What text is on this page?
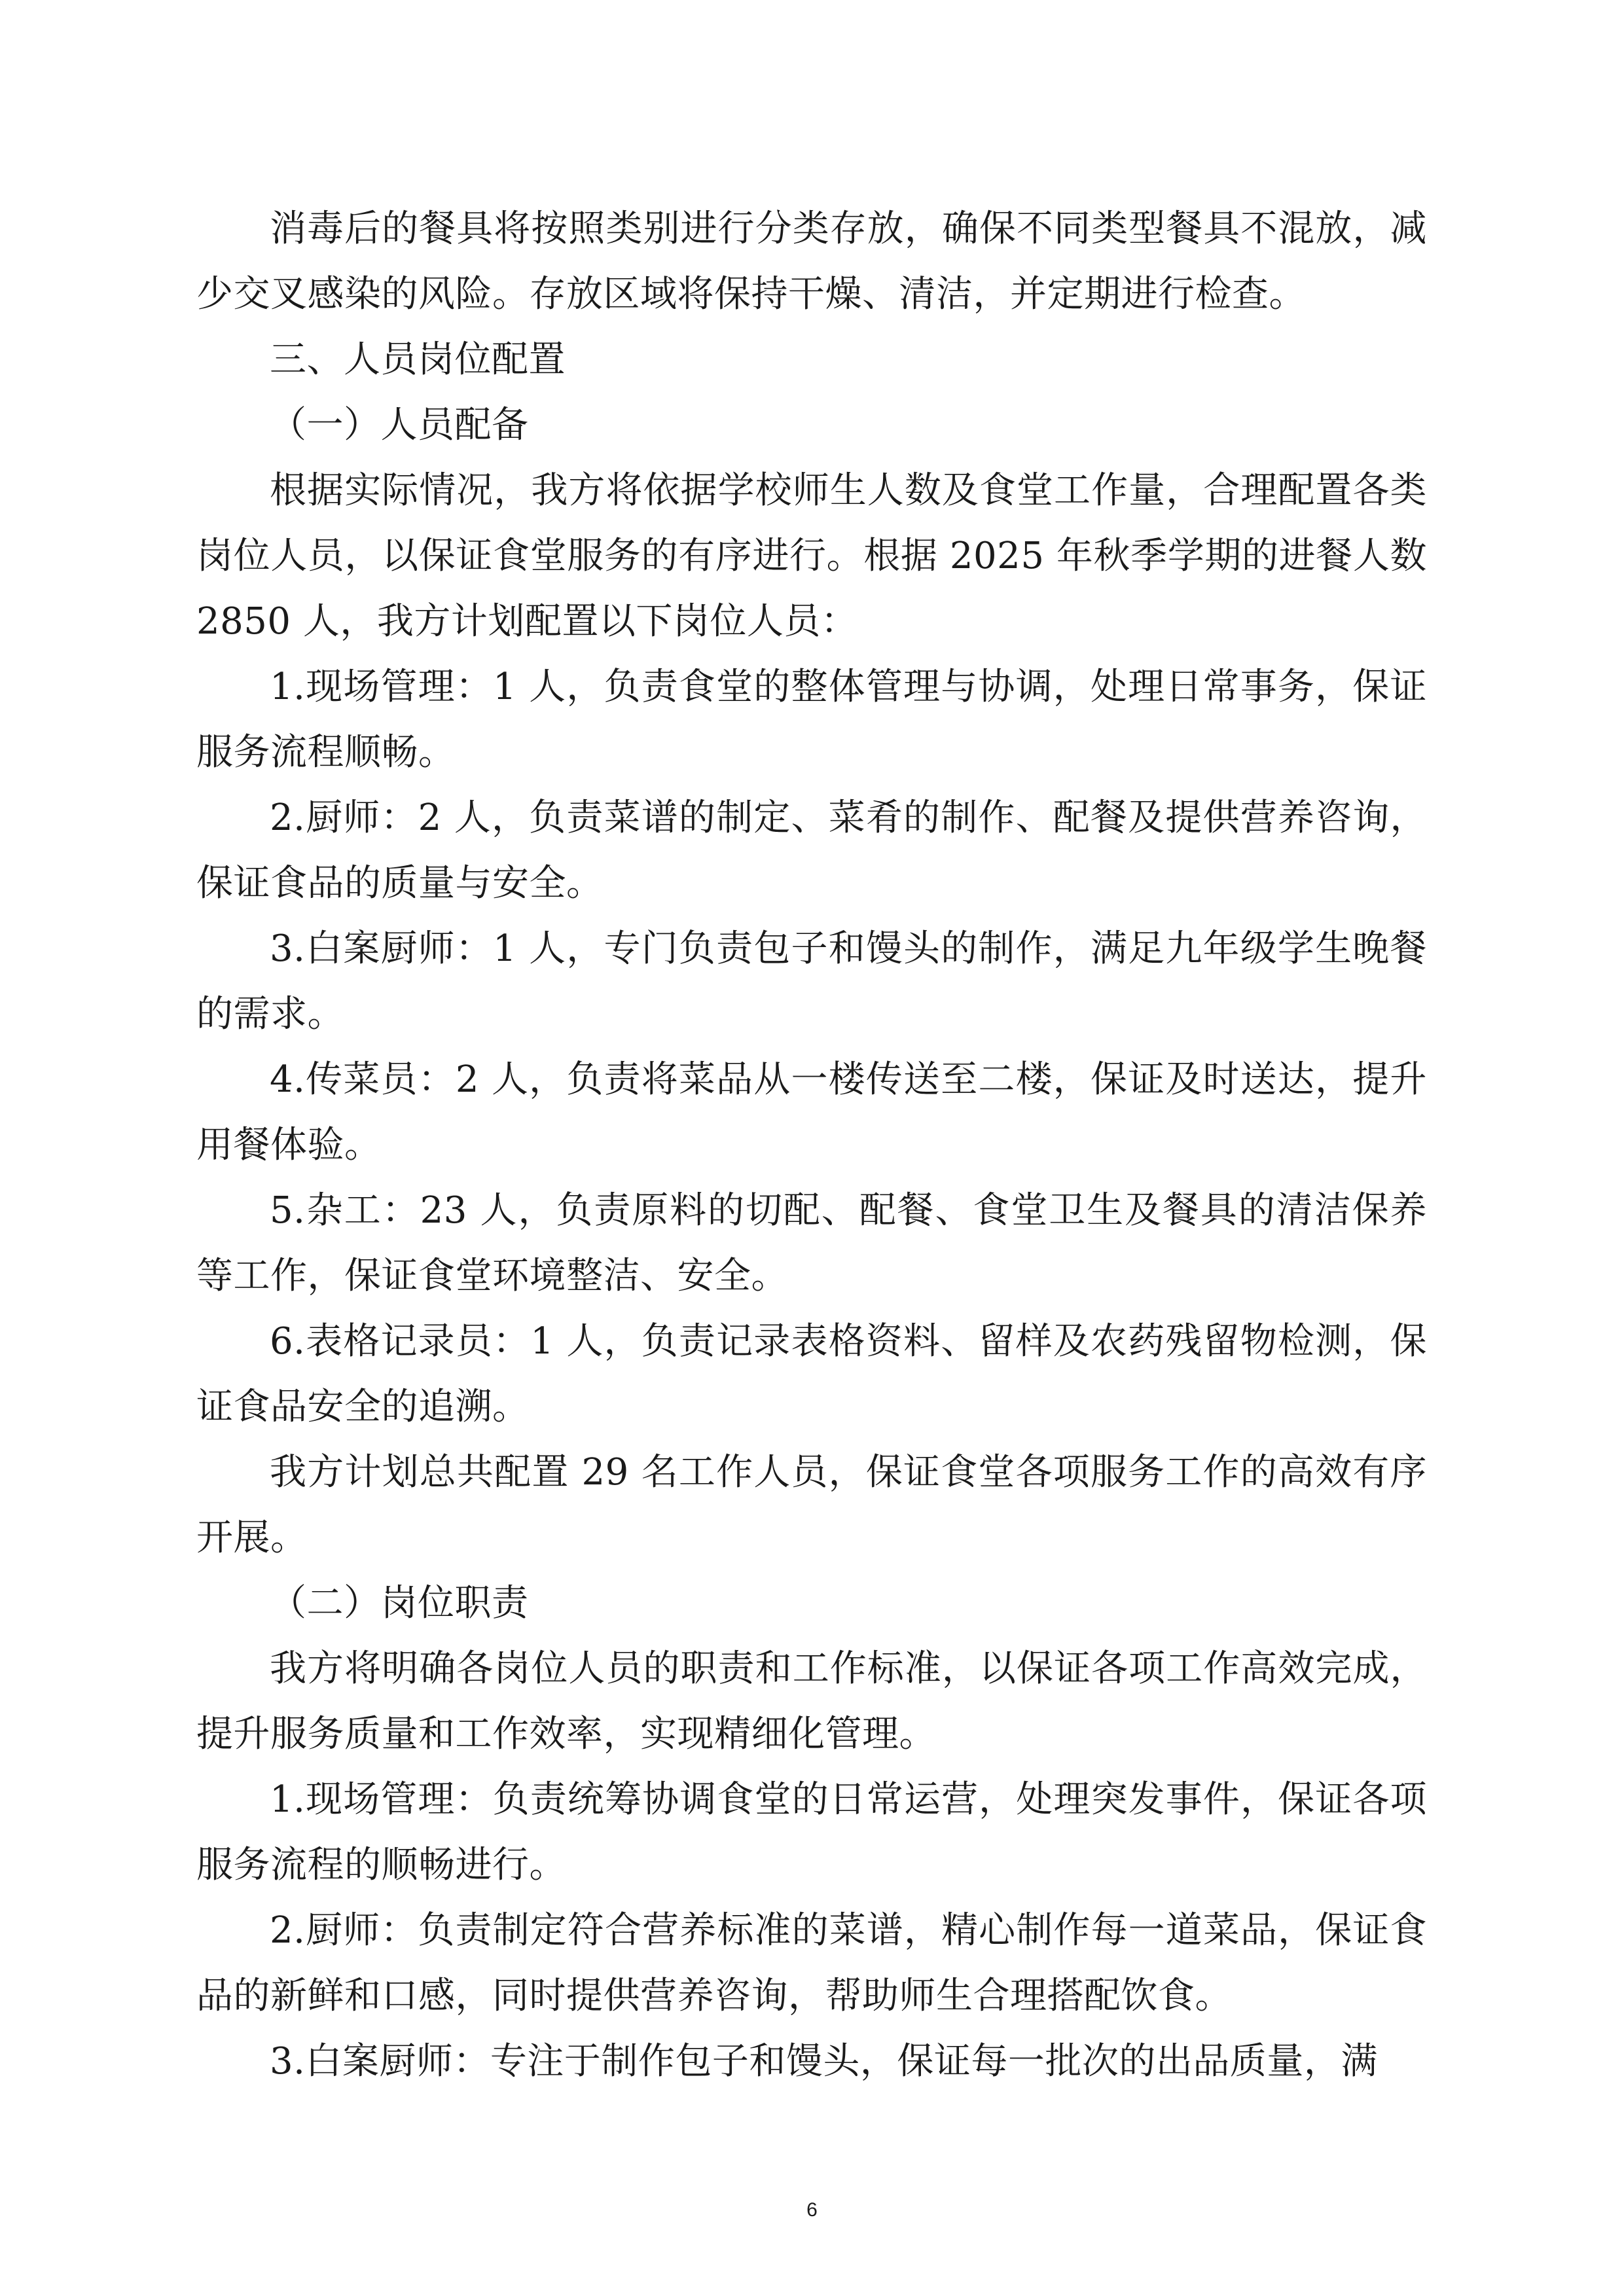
消毒后的餐具将按照类别进行分类存放，确保不同类型餐具不混放，减少交叉感染的风险。存放区域将保持干燥、清洁，并定期进行检查。

三、人员岗位配置

（一）人员配备

根据实际情况，我方将依据学校师生人数及食堂工作量，合理配置各类岗位人员，以保证食堂服务的有序进行。根据 2025 年秋季学期的进餐人数 2850 人，我方计划配置以下岗位人员：

1.现场管理：1 人，负责食堂的整体管理与协调，处理日常事务，保证服务流程顺畅。

2.厨师：2 人，负责菜谱的制定、菜肴的制作、配餐及提供营养咨询，保证食品的质量与安全。

3.白案厨师：1 人，专门负责包子和馒头的制作，满足九年级学生晚餐的需求。

4.传菜员：2 人，负责将菜品从一楼传送至二楼，保证及时送达，提升用餐体验。

5.杂工：23 人，负责原料的切配、配餐、食堂卫生及餐具的清洁保养等工作，保证食堂环境整洁、安全。

6.表格记录员：1 人，负责记录表格资料、留样及农药残留物检测，保证食品安全的追溯。

我方计划总共配置 29 名工作人员，保证食堂各项服务工作的高效有序开展。

（二）岗位职责

我方将明确各岗位人员的职责和工作标准，以保证各项工作高效完成，提升服务质量和工作效率，实现精细化管理。

1.现场管理：负责统筹协调食堂的日常运营，处理突发事件，保证各项服务流程的顺畅进行。

2.厨师：负责制定符合营养标准的菜谱，精心制作每一道菜品，保证食品的新鲜和口感，同时提供营养咨询，帮助师生合理搭配饮食。

3.白案厨师：专注于制作包子和馒头，保证每一批次的出品质量，满

6
